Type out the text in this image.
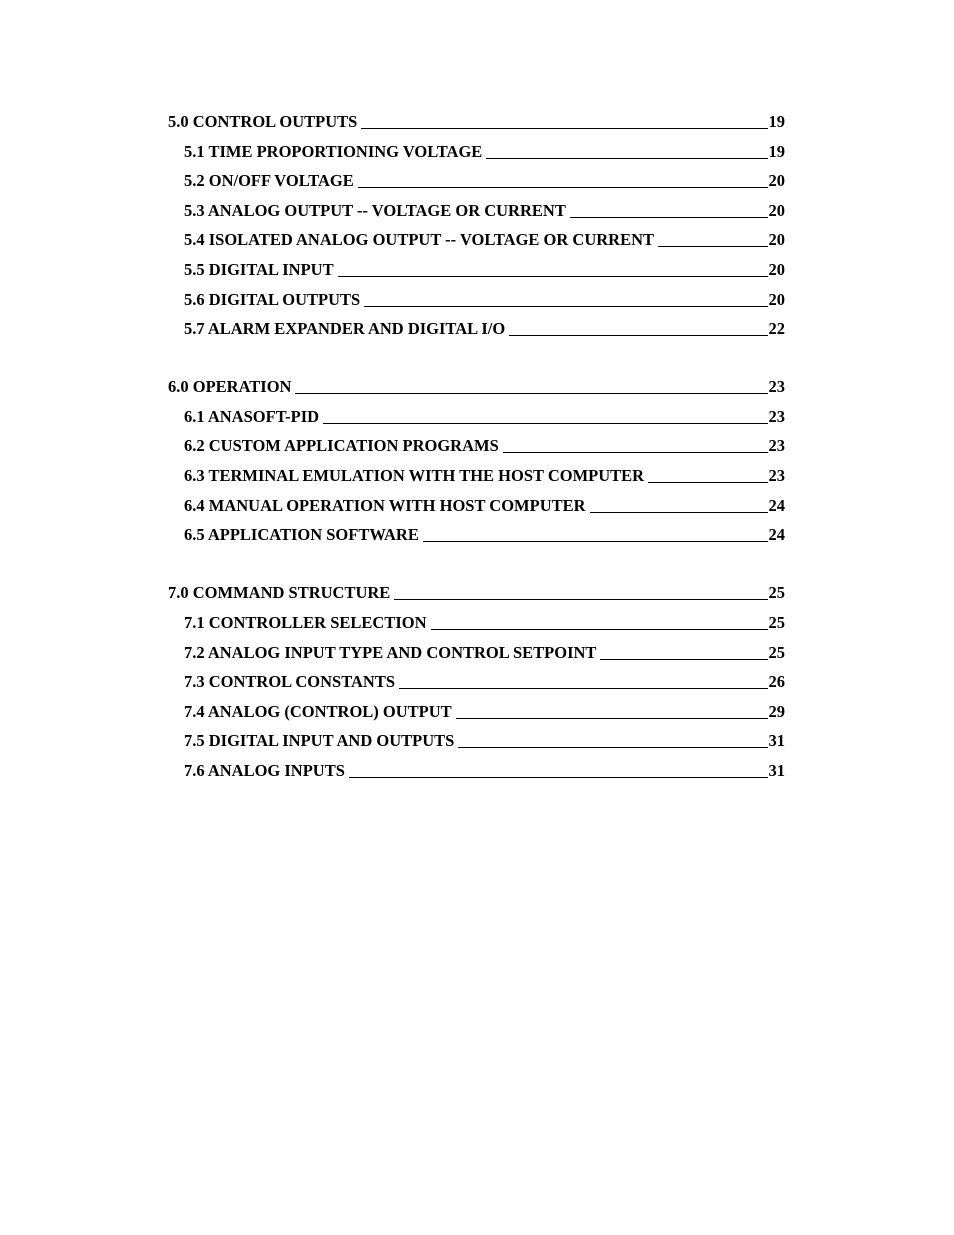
5.0 CONTROL OUTPUTS	19
5.1 TIME PROPORTIONING VOLTAGE	19
5.2 ON/OFF VOLTAGE	20
5.3 ANALOG OUTPUT -- VOLTAGE OR CURRENT	20
5.4 ISOLATED ANALOG OUTPUT -- VOLTAGE OR CURRENT	20
5.5 DIGITAL INPUT	20
5.6 DIGITAL OUTPUTS	20
5.7 ALARM EXPANDER AND DIGITAL I/O	22
6.0 OPERATION	23
6.1 ANASOFT-PID	23
6.2 CUSTOM APPLICATION PROGRAMS	23
6.3 TERMINAL EMULATION WITH THE HOST COMPUTER	23
6.4 MANUAL OPERATION WITH HOST COMPUTER	24
6.5 APPLICATION SOFTWARE	24
7.0 COMMAND STRUCTURE	25
7.1 CONTROLLER SELECTION	25
7.2 ANALOG INPUT TYPE AND CONTROL SETPOINT	25
7.3 CONTROL CONSTANTS	26
7.4 ANALOG (CONTROL) OUTPUT	29
7.5 DIGITAL INPUT AND OUTPUTS	31
7.6 ANALOG INPUTS	31
